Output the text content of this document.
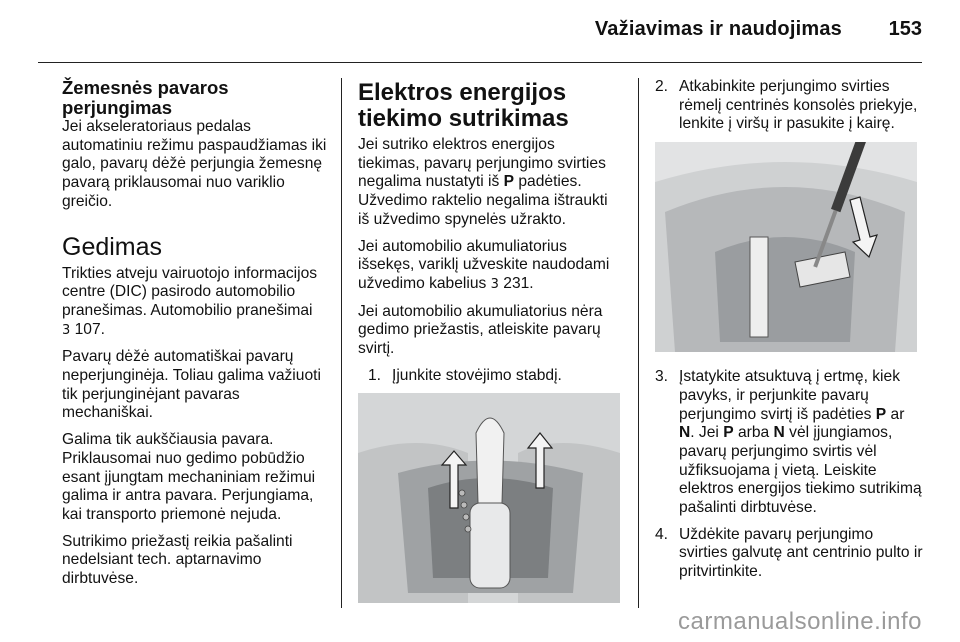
Važiavimas ir naudojimas 153
Žemesnės pavaros perjungimas

Jei akseleratoriaus pedalas automatiniu režimu paspaudžiamas iki galo, pavarų dėžė perjungia žemesnę pavarą priklausomai nuo variklio greičio.

Gedimas

Trikties atveju vairuotojo informacijos centre (DIC) pasirodo automobilio pranešimas. Automobilio pranešimai
3 107.

Pavarų dėžė automatiškai pavarų neperjunginėja. Toliau galima važiuoti tik perjunginėjant pavaras mechaniškai.

Galima tik aukščiausia pavara. Priklausomai nuo gedimo pobūdžio esant įjungtam mechaniniam režimui galima ir antra pavara. Perjungiama, kai transporto priemonė nejuda.

Sutrikimo priežastį reikia pašalinti nedelsiant tech. aptarnavimo dirbtuvėse.

Elektros energijos tiekimo sutrikimas

Jei sutriko elektros energijos tiekimas, pavarų perjungimo svirties negalima nustatyti iš P padėties. Užvedimo raktelio negalima ištraukti iš užvedimo spynelės užrakto.

Jei automobilio akumuliatorius išsekęs, variklį užveskite naudodami užvedimo kabelius 3 231.

Jei automobilio akumuliatorius nėra gedimo priežastis, atleiskite pavarų svirtį.

1. Įjunkite stovėjimo stabdį.
2. Atkabinkite perjungimo svirties rėmelį centrinės konsolės priekyje, lenkite į viršų ir pasukite į kairę.
3. Įstatykite atsuktuvą į ertmę, kiek pavyks, ir perjunkite pavarų perjungimo svirtį iš padėties P ar
N. Jei P arba N vėl įjungiamos, pavarų perjungimo svirtis vėl užfiksuojama į vietą. Leiskite elektros energijos tiekimo sutrikimą pašalinti dirbtuvėse.
4. Uždėkite pavarų perjungimo svirties galvutę ant centrinio pulto ir pritvirtinkite.
carmanualsonline.info
